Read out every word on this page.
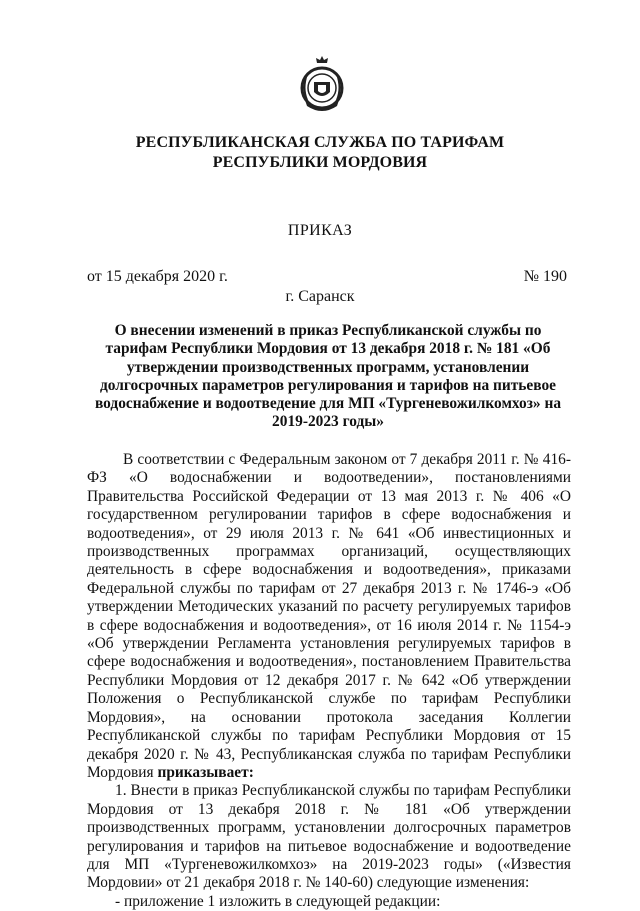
РЕСПУБЛИКАНСКАЯ СЛУЖБА ПО ТАРИФАМ
РЕСПУБЛИКИ МОРДОВИЯ
ПРИКАЗ
от 15 декабря 2020 г.	№ 190
г. Саранск
О внесении изменений в приказ Республиканской службы по тарифам Республики Мордовия от 13 декабря 2018 г. № 181 «Об утверждении производственных программ, установлении долгосрочных параметров регулирования и тарифов на питьевое водоснабжение и водоотведение для МП «Тургеневожилкомхоз» на 2019-2023 годы»

В соответствии с Федеральным законом от 7 декабря 2011 г. № 416-ФЗ «О водоснабжении и водоотведении», постановлениями Правительства Российской Федерации от 13 мая 2013 г. № 406 «О государственном регулировании тарифов в сфере водоснабжения и водоотведения», от 29 июля 2013 г. № 641 «Об инвестиционных и производственных программах организаций, осуществляющих деятельность в сфере водоснабжения и водоотведения», приказами Федеральной службы по тарифам от 27 декабря 2013 г. № 1746-э «Об утверждении Методических указаний по расчету регулируемых тарифов в сфере водоснабжения и водоотведения», от 16 июля 2014 г. № 1154-э «Об утверждении Регламента установления регулируемых тарифов в сфере водоснабжения и водоотведения», постановлением Правительства Республики Мордовия от 12 декабря 2017 г. № 642 «Об утверждении Положения о Республиканской службе по тарифам Республики Мордовия», на основании протокола заседания Коллегии Республиканской службы по тарифам Республики Мордовия от 15 декабря 2020 г. № 43, Республиканская служба по тарифам Республики Мордовия приказывает:

1. Внести в приказ Республиканской службы по тарифам Республики Мордовия от 13 декабря 2018 г. № 181 «Об утверждении производственных программ, установлении долгосрочных параметров регулирования и тарифов на питьевое водоснабжение и водоотведение для МП «Тургеневожилкомхоз» на 2019-2023 годы» («Известия Мордовии» от 21 декабря 2018 г. № 140-60) следующие изменения:

- приложение 1 изложить в следующей редакции:
